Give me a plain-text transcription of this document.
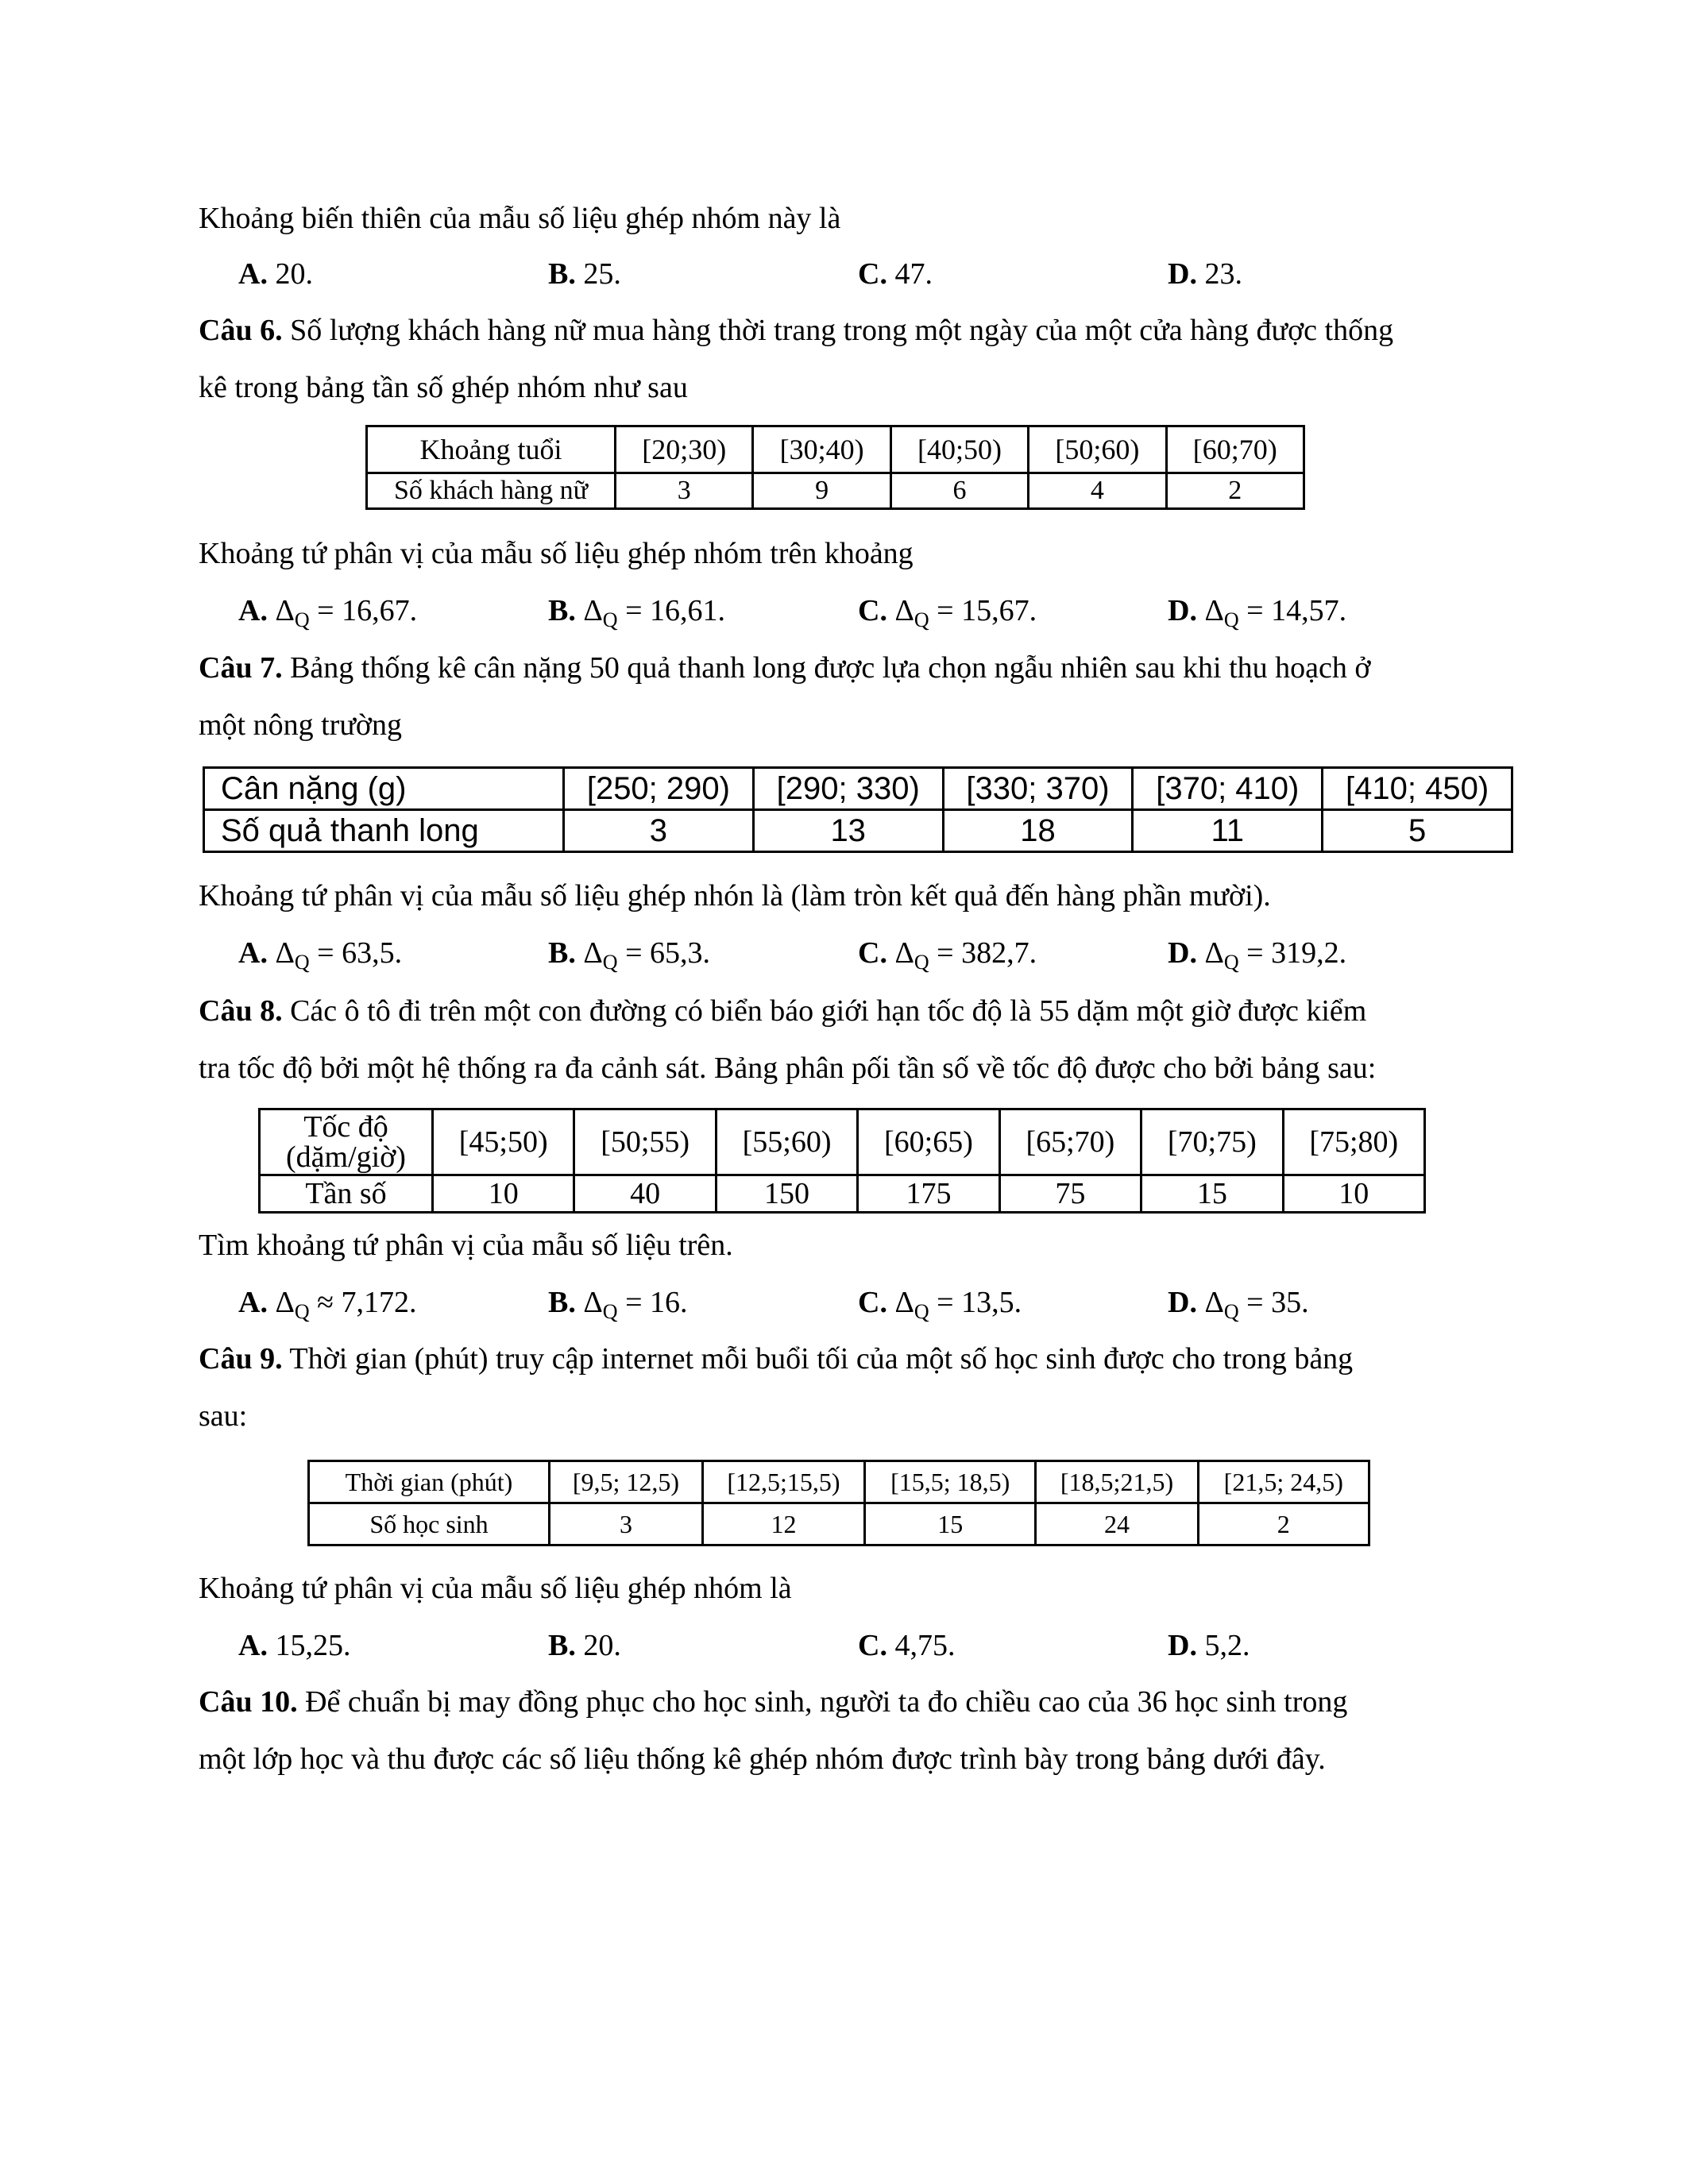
Khoảng biến thiên của mẫu số liệu ghép nhóm này là
A. 20.	B. 25.	C. 47.	D. 23.
Câu 6. Số lượng khách hàng nữ mua hàng thời trang trong một ngày của một cửa hàng được thống
kê trong bảng tần số ghép nhóm như sau
Khoảng tuổi	[20;30)	[30;40)	[40;50)	[50;60)	[60;70)
Số khách hàng nữ	3	9	6	4	2
Khoảng tứ phân vị của mẫu số liệu ghép nhóm trên khoảng
A. $\Delta_Q = 16,67$.	B. $\Delta_Q = 16,61$.	C. $\Delta_Q = 15,67$.	D. $\Delta_Q = 14,57$.
Câu 7. Bảng thống kê cân nặng 50 quả thanh long được lựa chọn ngẫu nhiên sau khi thu hoạch ở
một nông trường
Cân nặng (g)	[250; 290)	[290; 330)	[330; 370)	[370; 410)	[410; 450)
Số quả thanh long	3	13	18	11	5
Khoảng tứ phân vị của mẫu số liệu ghép nhón là (làm tròn kết quả đến hàng phần mười).
A. $\Delta_Q = 63,5$.	B. $\Delta_Q = 65,3$.	C. $\Delta_Q = 382,7$.	D. $\Delta_Q = 319,2$.
Câu 8. Các ô tô đi trên một con đường có biển báo giới hạn tốc độ là 55 dặm một giờ được kiểm
tra tốc độ bởi một hệ thống ra đa cảnh sát. Bảng phân pối tần số về tốc độ được cho bởi bảng sau:
Tốc độ
(dặm/giờ)	[45;50)	[50;55)	[55;60)	[60;65)	[65;70)	[70;75)	[75;80)
Tần số	10	40	150	175	75	15	10
Tìm khoảng tứ phân vị của mẫu số liệu trên.
A. $\Delta_Q \approx 7,172$.	B. $\Delta_Q = 16$.	C. $\Delta_Q = 13,5$.	D. $\Delta_Q = 35$.
Câu 9. Thời gian (phút) truy cập internet mỗi buổi tối của một số học sinh được cho trong bảng
sau:
Thời gian (phút)	[9,5; 12,5)	[12,5;15,5)	[15,5; 18,5)	[18,5;21,5)	[21,5; 24,5)
Số học sinh	3	12	15	24	2
Khoảng tứ phân vị của mẫu số liệu ghép nhóm là
A. 15,25.	B. 20.	C. 4,75.	D. 5,2.
Câu 10. Để chuẩn bị may đồng phục cho học sinh, người ta đo chiều cao của 36 học sinh trong
một lớp học và thu được các số liệu thống kê ghép nhóm được trình bày trong bảng dưới đây.
